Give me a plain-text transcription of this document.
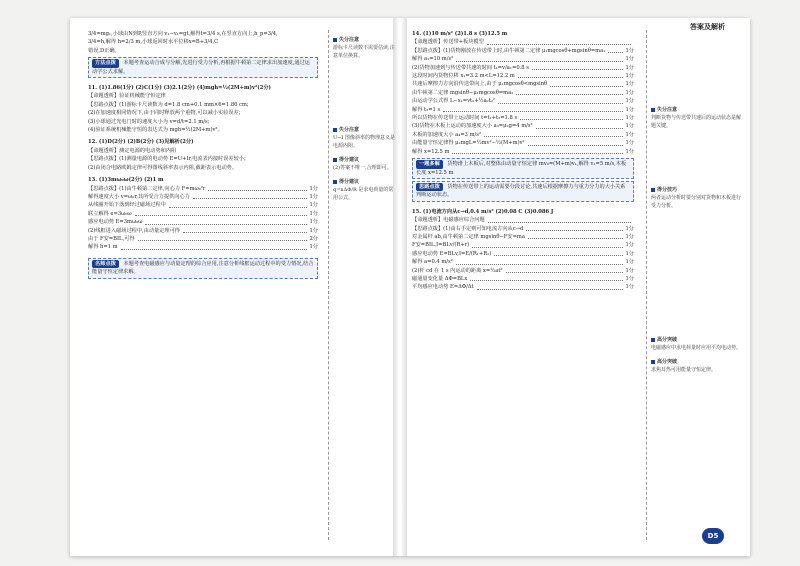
答案及解析
3/4=mg₁,小球由N到P,竖直方向 v₁−v₁=gt,解得t=3/4 s,在竖直方向上,h_p=3/4,
3/4=h,解得 h=2/3 m,小球返回时水平位移x=B+3/4,C
错误,D正确。
方法点拨 本题考查运动合成与分解,先进行受力分析,再根据牛顿第二定律求出加速度,通过运动学公式求解。
11. (1)1.86(1分) (2)C(1分) (3)2.1(2分) (4)mgh=½(2M+m)v²(2分)
【命题透析】验证机械能守恒定律
【思路点拨】(1)游标卡尺读数为 d=1.8 cm+0.1 mm×6=1.86 cm;
(2)在加速度相同情况下,由于同时释放两个重物,可以减小实验误差;
(3)小球通过光电门时的速度大小为 v=d/t=2.1 m/s;
(4)验证系统机械能守恒的表达式为 mgh=½(2M+m)v²。
12. (1)D(2分) (2)B(2分) (3)见解析(2分)
【命题透析】测定电源的电动势和内阻
【思路点拨】(1)测量电源的电动势 E=U+Ir,电流表内接时误差较小;
(2)由闭合电路欧姆定律可得图线斜率表示内阻,截距表示电动势。
13. (1)3mω₀ω(2分) (2)1 m
【思路点拨】(1)由牛顿第二定律,向心力 F=mω₀²r	1分
解得速度大小 v=ω₀r,其所受合力提供向心力	1分
从线圈开始下落到经过磁场过程中	1分
联立解得 e=3ω₀ω	1分
感应电动势 E=3mω₀ω	1分
(2)线框进入磁场过程中,由动量定理可得	1分
由于 F安=BIL,可得	2分
解得 h=1 m	1分
名师点拨 本题考查电磁感应与动量定理的综合应用,注意分析线框运动过程中的受力情况,结合能量守恒定律求解。
失分注意
游标卡尺读数不需要估读,注意单位换算。
失分注意
U−I 图像斜率的物理意义是电源内阻。
得分建议
(2)答案不唯一,合理即可。
得分建议
q=nΔΦ/R 是求电荷量的常用公式。
14. (1)10 m/s² (2)1.8 s (3)12.5 m
【命题透析】传送带+板块模型
【思路点拨】(1)货物刚放在传送带上时,由牛顿第二定律 μ₁mgcosθ+mgsinθ=ma₁	1分
解得 a₁=10 m/s²	1分
(2)货物加速到与传送带共速的时间 t₁=v/a₁=0.8 s	1分
这段时间内货物位移 x₁=3.2 m<L=12.2 m	1分
共速后摩擦力方向沿传送带向上,由于 μ₁mgcosθ<mgsinθ	1分
由牛顿第二定律 mgsinθ−μ₁mgcosθ=ma₂	1分
由运动学公式得 L−x₁=vt₂+½a₂t₂²	1分
解得 t₂=1 s	1分
所以货物在传送带上运动时间 t=t₁+t₂=1.8 s	1分
(3)货物在木板上运动的加速度大小 a₃=μ₂g=4 m/s²	1分
木板的加速度大小 a₄=3 m/s²	1分
由能量守恒定律得 μ₂mgL=½mv²−½(M+m)v²	1分
解得 x=12.5 m	1分
一题多解 货物滑上木板后,对整体由动量守恒定律 mv₀=(M+m)v₁,解得 v₁=5 m/s,木板长度 x=12.5 m
思路点拨 货物在传送带上的运动需要分段讨论,共速后根据摩擦力与重力分力的大小关系判断运动状态。
15. (1)电流方向从c→d,0.4 m/s² (2)0.08 C (3)0.086 J
【命题透析】电磁感应综合问题
【思路点拨】(1)由右手定则可知电流方向从c→d	1分
对金属杆 ab,由牛顿第二定律 mgsinθ−F安=ma	1分
F安=BIL,I=BLv/(R+r)	1分
感应电动势 E=BLv,I=E/(R₁+R₂)	1分
解得 a=0.4 m/s²	1分
(2)杆 cd 在 1 s 内运动的距离 x=½at²	1分
磁通量变化量 ΔΦ=BLx	1分
平均感应电动势 E=ΔΦ/Δt	1分
失分注意
判断货物与传送带共速后的运动状态是解题关键。
得分技巧
两者运动分析时要分别对货物和木板进行受力分析。
高分突破
电磁感应中求电荷量时应用平均电动势。
高分突破
求焦耳热可用能量守恒定律。
D5
